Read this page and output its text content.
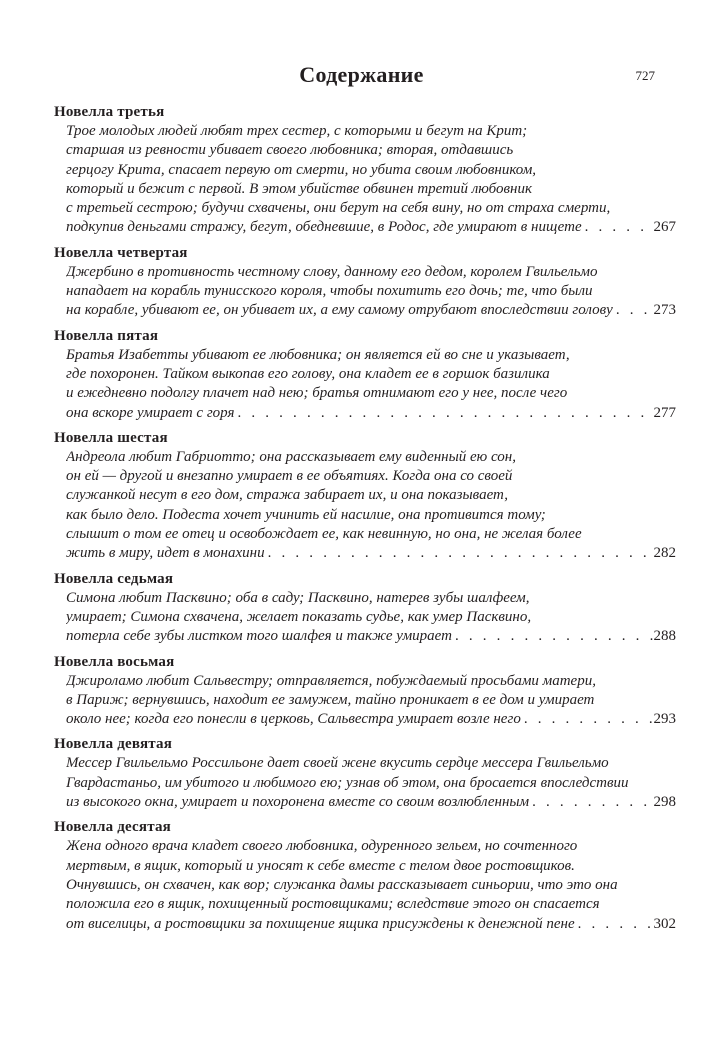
Содержание	727
Новелла третья
Трое молодых людей любят трех сестер, с которыми и бегут на Крит;
старшая из ревности убивает своего любовника; вторая, отдавшись
герцогу Крита, спасает первую от смерти, но убита своим любовником,
который и бежит с первой. В этом убийстве обвинен третий любовник
с третьей сестрою; будучи схвачены, они берут на себя вину, но от страха смерти,
подкупив деньгами стражу, бегут, обедневшие, в Родос, где умирают в нищете . . .	267
Новелла четвертая
Джербино в противность честному слову, данному его дедом, королем Гвильельмо
нападает на корабль тунисского короля, чтобы похитить его дочь; те, что были
на корабле, убивают ее, он убивает их, а ему самому отрубают впоследствии голову . . .	273
Новелла пятая
Братья Изабетты убивают ее любовника; он является ей во сне и указывает,
где похоронен. Тайком выкопав его голову, она кладет ее в горшок базилика
и ежедневно подолгу плачет над нею; братья отнимают его у нее, после чего
она вскоре умирает с горя . . .	277
Новелла шестая
Андреола любит Габриотто; она рассказывает ему виденный ею сон,
он ей — другой и внезапно умирает в ее объятиях. Когда она со своей
служанкой несут в его дом, стража забирает их, и она показывает,
как было дело. Подеста хочет учинить ей насилие, она противится тому;
слышит о том ее отец и освобождает ее, как невинную, но она, не желая более
жить в миру, идет в монахини . . .	282
Новелла седьмая
Симона любит Пасквино; оба в саду; Пасквино, натерев зубы шалфеем,
умирает; Симона схвачена, желает показать судье, как умер Пасквино,
потерла себе зубы листком того шалфея и также умирает . . .	288
Новелла восьмая
Джироламо любит Сальвестру; отправляется, побуждаемый просьбами матери,
в Париж; вернувшись, находит ее замужем, тайно проникает в ее дом и умирает
около нее; когда его понесли в церковь, Сальвестра умирает возле него . . .	293
Новелла девятая
Мессер Гвильельмо Россильоне дает своей жене вкусить сердце мессера Гвильельмо
Гвардастаньо, им убитого и любимого ею; узнав об этом, она бросается впоследствии
из высокого окна, умирает и похоронена вместе со своим возлюбленным . . .	298
Новелла десятая
Жена одного врача кладет своего любовника, одуренного зельем, но сочтенного
мертвым, в ящик, который и уносят к себе вместе с телом двое ростовщиков.
Очнувшись, он схвачен, как вор; служанка дамы рассказывает синьории, что это она
положила его в ящик, похищенный ростовщиками; вследствие этого он спасается
от виселицы, а ростовщики за похищение ящика присуждены к денежной пене . . .	302
